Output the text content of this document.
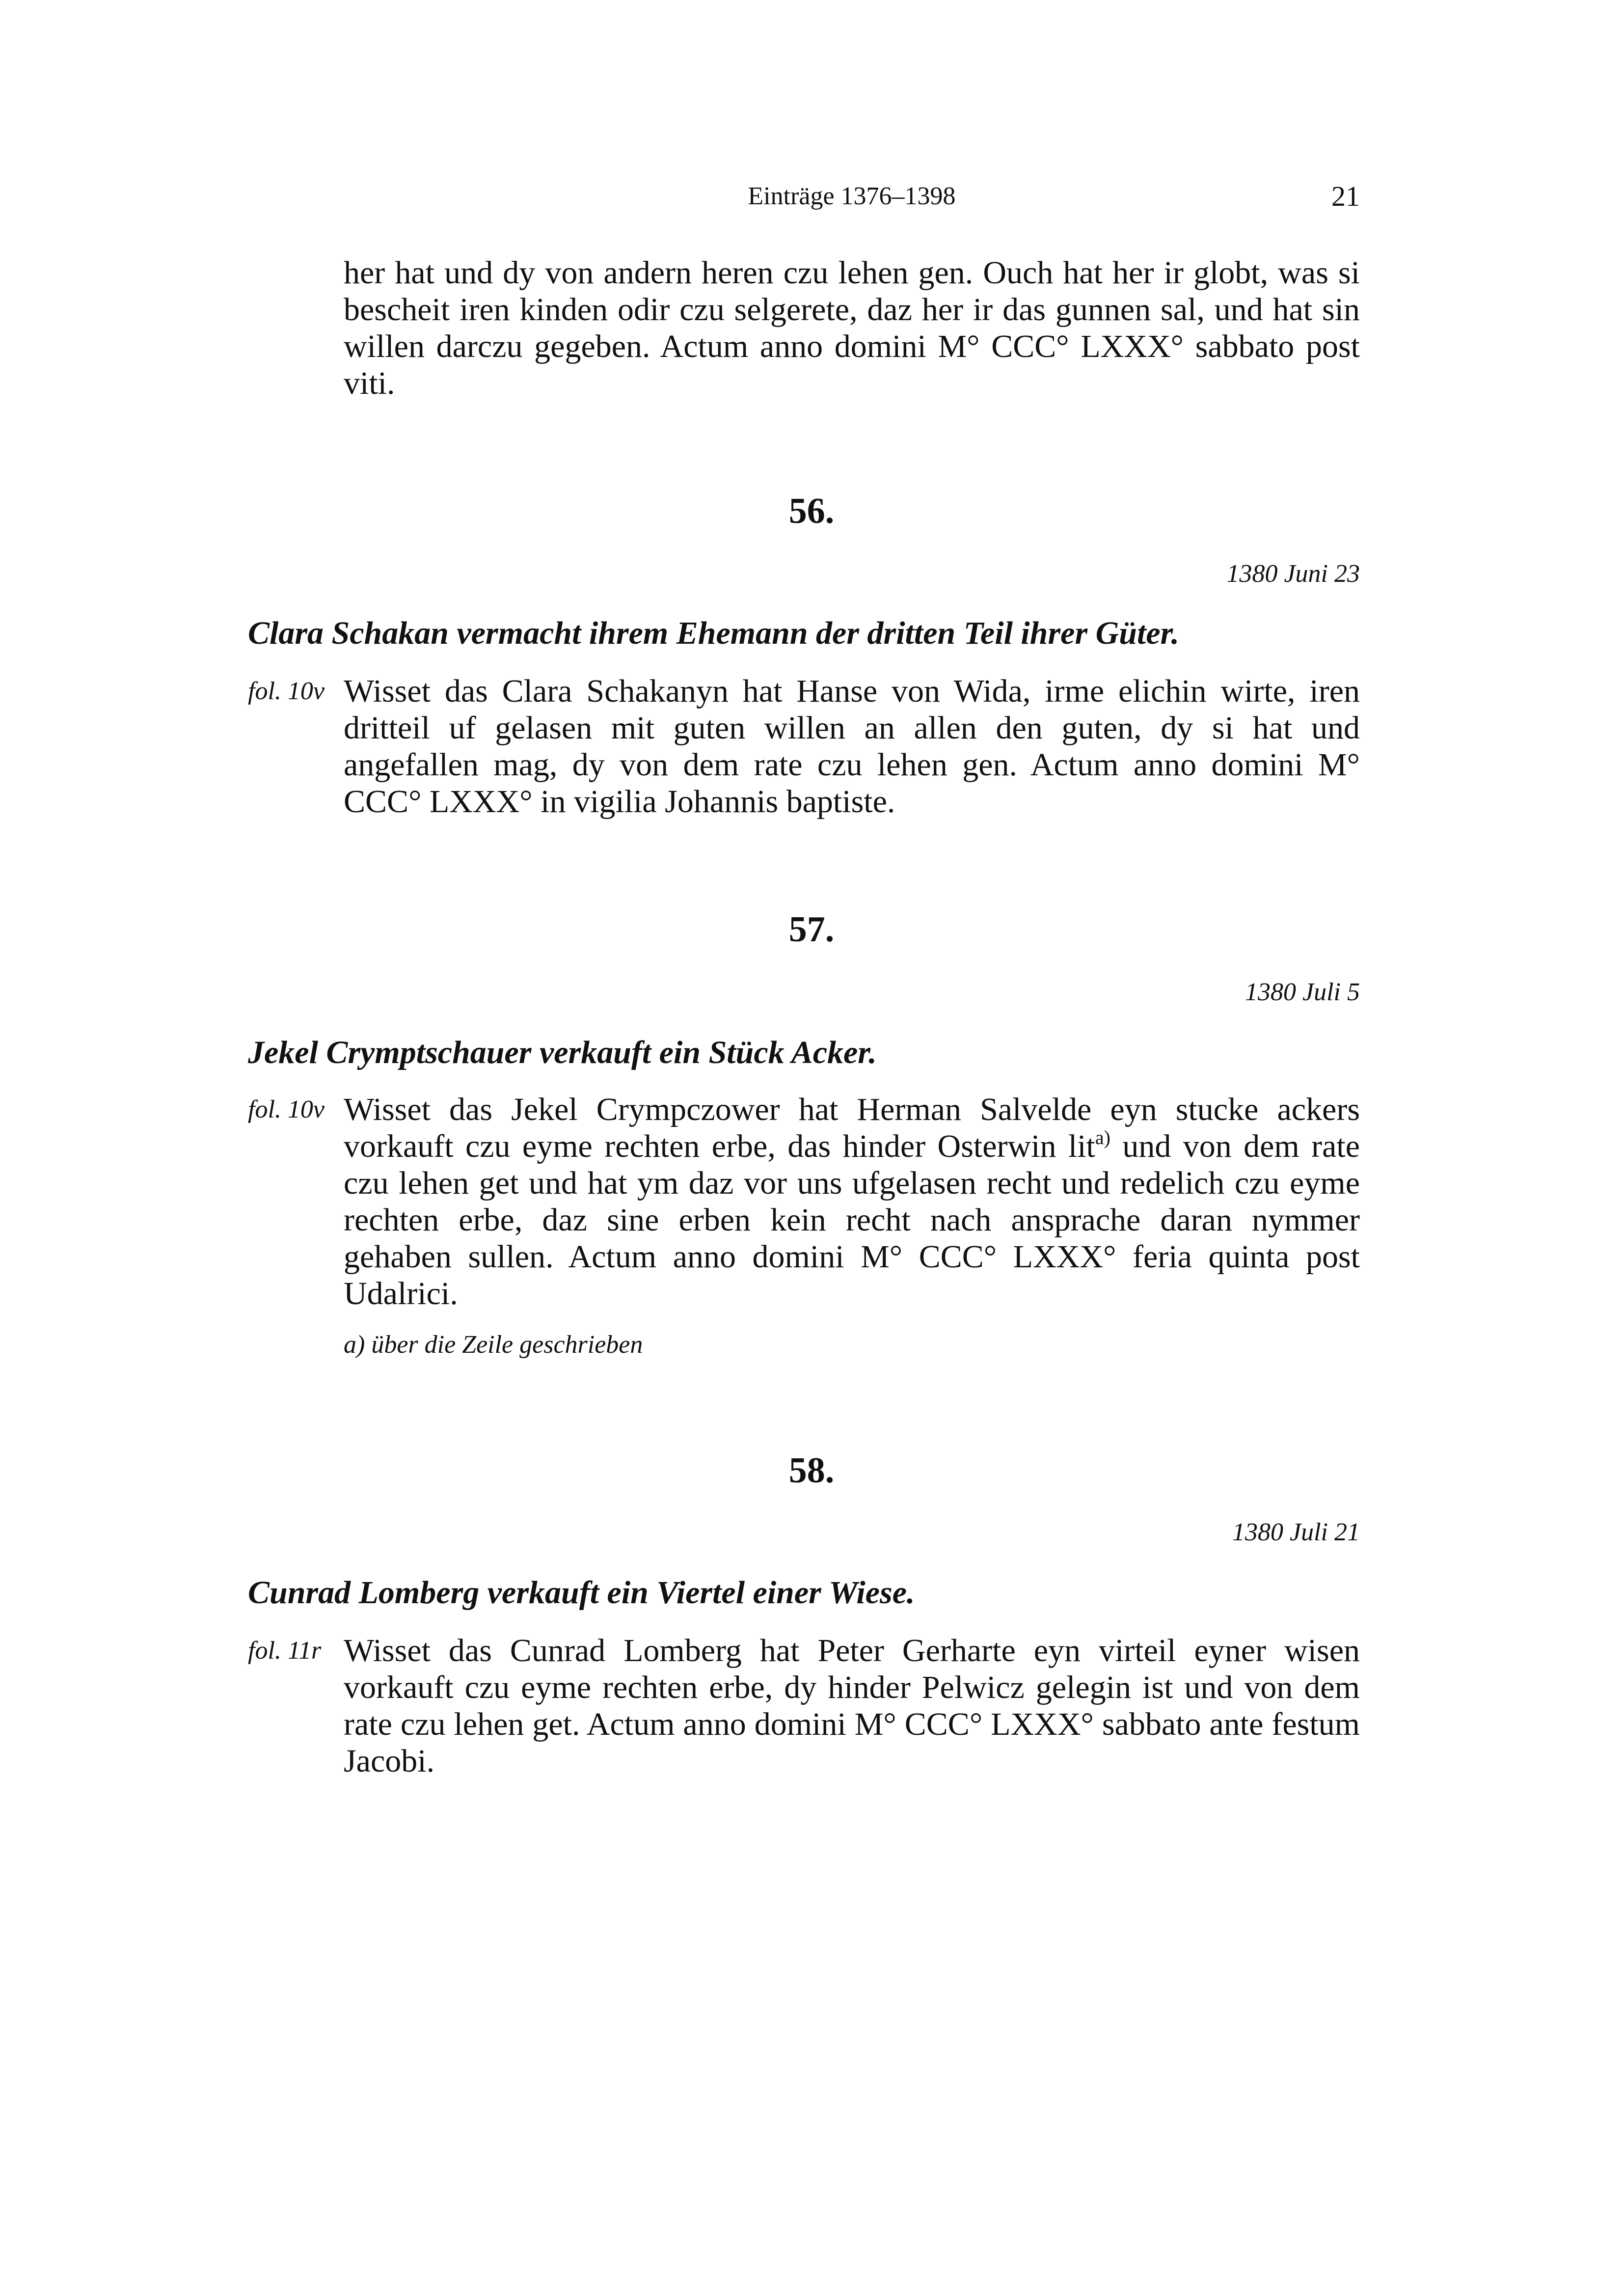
Einträge 1376–1398	21

her hat und dy von andern heren czu lehen gen. Ouch hat her ir globt, was si bescheit iren kinden odir czu selgerete, daz her ir das gunnen sal, und hat sin willen darczu gegeben. Actum anno domini M° CCC° LXXX° sabbato post viti.

56.
1380 Juni 23
Clara Schakan vermacht ihrem Ehemann der dritten Teil ihrer Güter.
fol. 10v Wisset das Clara Schakanyn hat Hanse von Wida, irme elichin wirte, iren dritteil uf gelasen mit guten willen an allen den guten, dy si hat und angefallen mag, dy von dem rate czu lehen gen. Actum anno domini M° CCC° LXXX° in vigilia Johannis baptiste.

57.
1380 Juli 5
Jekel Crymptschauer verkauft ein Stück Acker.
fol. 10v Wisset das Jekel Crympczower hat Herman Salvelde eyn stucke ackers vorkauft czu eyme rechten erbe, das hinder Osterwin lit$^{a)}$ und von dem rate czu lehen get und hat ym daz vor uns ufgelasen recht und redelich czu eyme rechten erbe, daz sine erben kein recht nach ansprache daran nymmer gehaben sullen. Actum anno domini M° CCC° LXXX° feria quinta post Udalrici.

a) über die Zeile geschrieben
58.
1380 Juli 21
Cunrad Lomberg verkauft ein Viertel einer Wiese.
fol. 11r Wisset das Cunrad Lomberg hat Peter Gerharte eyn virteil eyner wisen vorkauft czu eyme rechten erbe, dy hinder Pelwicz gelegin ist und von dem rate czu lehen get. Actum anno domini M° CCC° LXXX° sabbato ante festum Jacobi.
